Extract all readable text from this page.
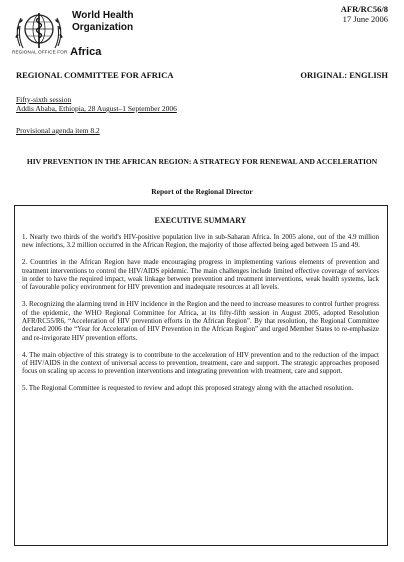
World Health
Organization
REGIONAL OFFICE FOR Africa
AFR/RC56/8
17 June 2006
REGIONAL COMMITTEE FOR AFRICA	ORIGINAL: ENGLISH
Fifty-sixth session
Addis Ababa, Ethiopia, 28 August–1 September 2006
Provisional agenda item 8.2
HIV PREVENTION IN THE AFRICAN REGION: A STRATEGY FOR RENEWAL AND ACCELERATION
Report of the Regional Director
EXECUTIVE SUMMARY

1. Nearly two thirds of the world's HIV-positive population live in sub-Saharan Africa. In 2005 alone, out of the 4.9 million new infections, 3.2 million occurred in the African Region, the majority of those affected being aged between 15 and 49.

2. Countries in the African Region have made encouraging progress in implementing various elements of prevention and treatment interventions to control the HIV/AIDS epidemic. The main challenges include limited effective coverage of services in order to have the required impact, weak linkage between prevention and treatment interventions, weak health systems, lack of favourable policy environment for HIV prevention and inadequate resources at all levels.

3. Recognizing the alarming trend in HIV incidence in the Region and the need to increase measures to control further progress of the epidemic, the WHO Regional Committee for Africa, at its fifty-fifth session in August 2005, adopted Resolution AFR/RC55/R6, “Acceleration of HIV prevention efforts in the African Region”. By that resolution, the Regional Committee declared 2006 the “Year for Acceleration of HIV Prevention in the African Region” and urged Member States to re-emphasize and re-invigorate HIV prevention efforts.

4. The main objective of this strategy is to contribute to the acceleration of HIV prevention and to the reduction of the impact of HIV/AIDS in the context of universal access to prevention, treatment, care and support. The strategic approaches proposed focus on scaling up access to prevention interventions and integrating prevention with treatment, care and support.

5. The Regional Committee is requested to review and adopt this proposed strategy along with the attached resolution.
